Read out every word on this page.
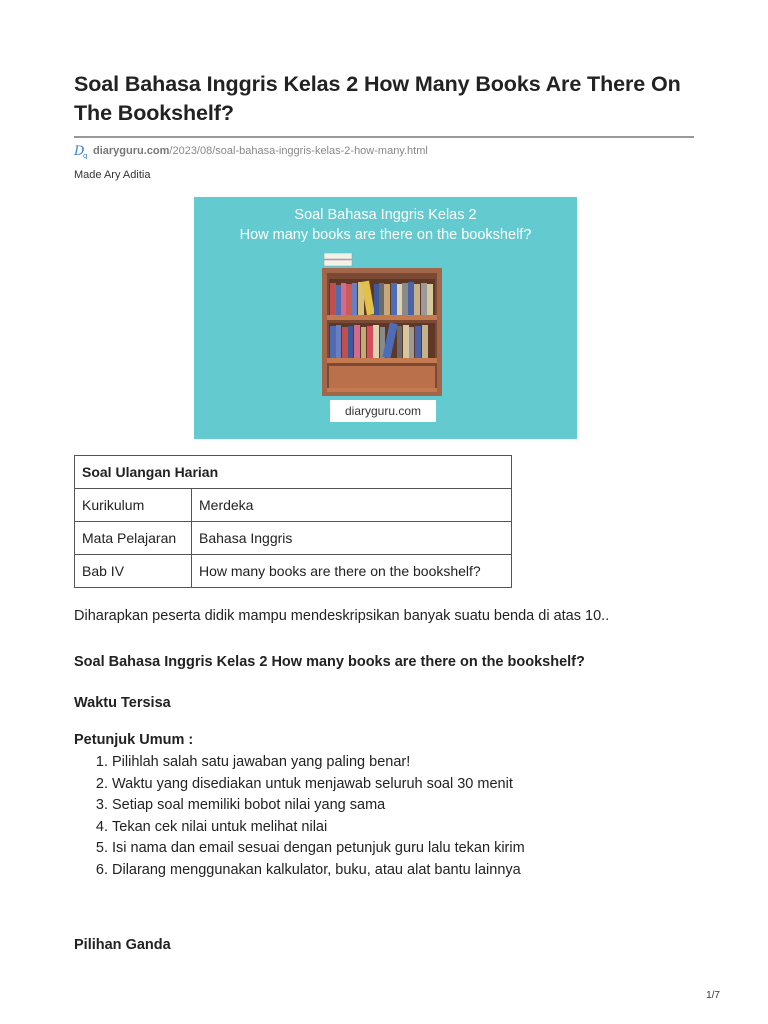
Soal Bahasa Inggris Kelas 2 How Many Books Are There On The Bookshelf?
D
g diaryguru.com/2023/08/soal-bahasa-inggris-kelas-2-how-many.html
Made Ary Aditia
Soal Bahasa Inggris Kelas 2
How many books are there on the bookshelf?
diaryguru.com
Soal Ulangan Harian	
Kurikulum	Merdeka
Mata Pelajaran	Bahasa Inggris
Bab IV	How many books are there on the bookshelf?
Diharapkan peserta didik mampu mendeskripsikan banyak suatu benda di atas 10..
Soal Bahasa Inggris Kelas 2 How many books are there on the bookshelf?
Waktu Tersisa
Petunjuk Umum :
1. Pilihlah salah satu jawaban yang paling benar!
2. Waktu yang disediakan untuk menjawab seluruh soal 30 menit
3. Setiap soal memiliki bobot nilai yang sama
4. Tekan cek nilai untuk melihat nilai
5. Isi nama dan email sesuai dengan petunjuk guru lalu tekan kirim
6. Dilarang menggunakan kalkulator, buku, atau alat bantu lainnya
Pilihan Ganda
1/7
